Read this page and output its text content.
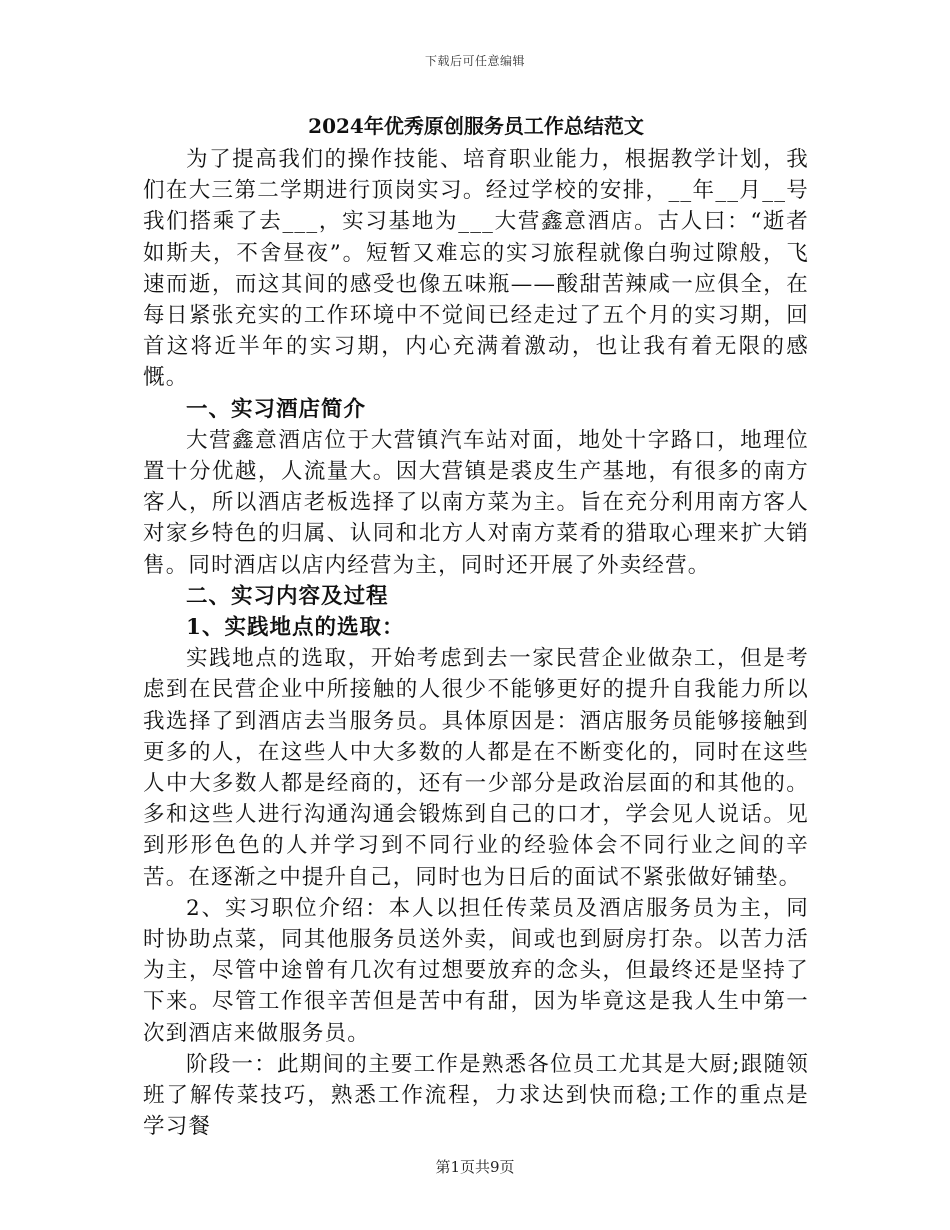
下载后可任意编辑
2024年优秀原创服务员工作总结范文

为了提高我们的操作技能、培育职业能力，根据教学计划，我们在大三第二学期进行顶岗实习。经过学校的安排，__年__月__号我们搭乘了去___，实习基地为___大营鑫意酒店。古人曰：“逝者如斯夫，不舍昼夜”。短暂又难忘的实习旅程就像白驹过隙般，飞速而逝，而这其间的感受也像五味瓶——酸甜苦辣咸一应俱全，在每日紧张充实的工作环境中不觉间已经走过了五个月的实习期，回首这将近半年的实习期，内心充满着激动，也让我有着无限的感慨。

一、实习酒店简介

大营鑫意酒店位于大营镇汽车站对面，地处十字路口，地理位置十分优越，人流量大。因大营镇是裘皮生产基地，有很多的南方客人，所以酒店老板选择了以南方菜为主。旨在充分利用南方客人对家乡特色的归属、认同和北方人对南方菜肴的猎取心理来扩大销售。同时酒店以店内经营为主，同时还开展了外卖经营。

二、实习内容及过程

1、实践地点的选取：

实践地点的选取，开始考虑到去一家民营企业做杂工，但是考虑到在民营企业中所接触的人很少不能够更好的提升自我能力所以我选择了到酒店去当服务员。具体原因是：酒店服务员能够接触到更多的人，在这些人中大多数的人都是在不断变化的，同时在这些人中大多数人都是经商的，还有一少部分是政治层面的和其他的。多和这些人进行沟通沟通会锻炼到自己的口才，学会见人说话。见到形形色色的人并学习到不同行业的经验体会不同行业之间的辛苦。在逐渐之中提升自己，同时也为日后的面试不紧张做好铺垫。

2、实习职位介绍：本人以担任传菜员及酒店服务员为主，同时协助点菜，同其他服务员送外卖，间或也到厨房打杂。以苦力活为主，尽管中途曾有几次有过想要放弃的念头，但最终还是坚持了下来。尽管工作很辛苦但是苦中有甜，因为毕竟这是我人生中第一次到酒店来做服务员。

阶段一：此期间的主要工作是熟悉各位员工尤其是大厨;跟随领班了解传菜技巧，熟悉工作流程，力求达到快而稳;工作的重点是学习餐

第1页共9页
